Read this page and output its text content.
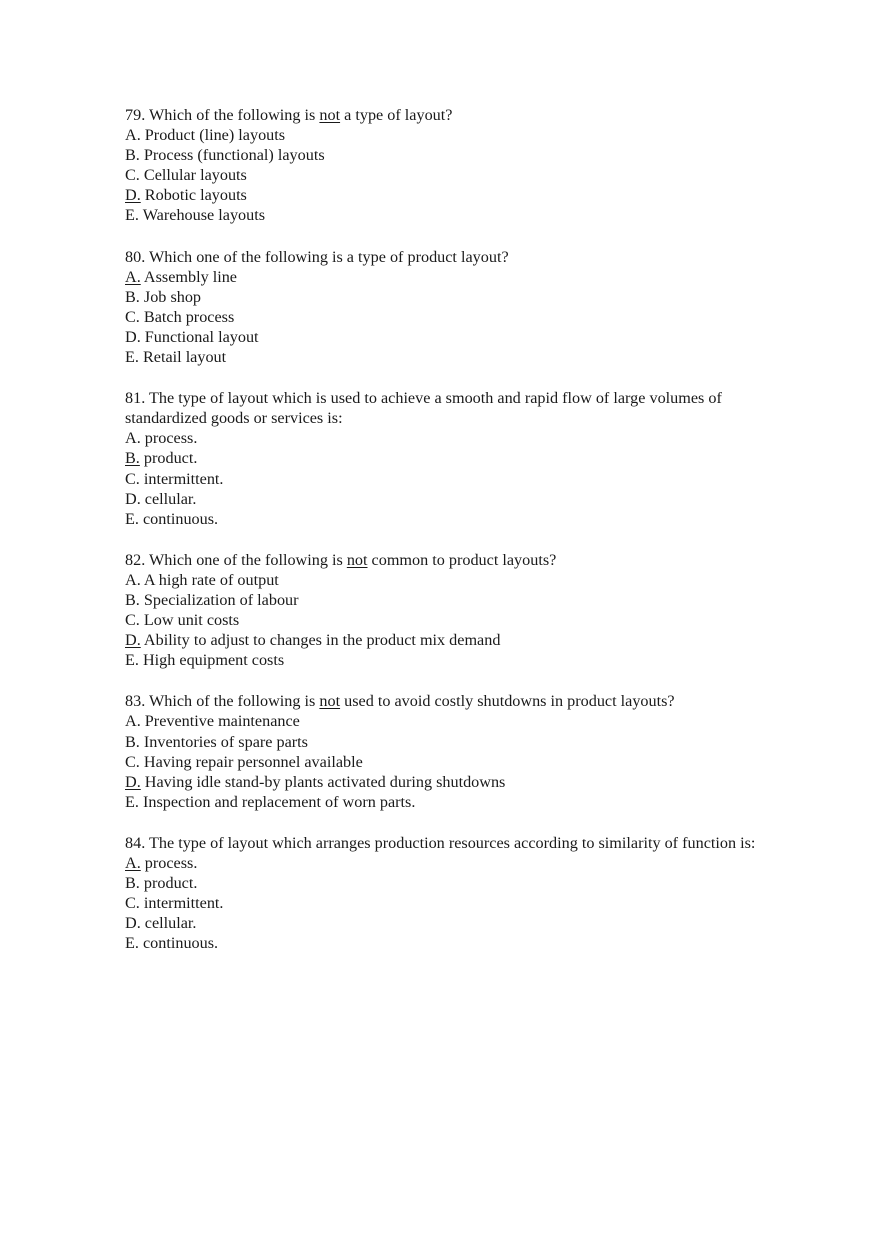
79. Which of the following is not a type of layout?
A. Product (line) layouts
B. Process (functional) layouts
C. Cellular layouts
D. Robotic layouts
E. Warehouse layouts
80. Which one of the following is a type of product layout?
A. Assembly line
B. Job shop
C. Batch process
D. Functional layout
E. Retail layout
81. The type of layout which is used to achieve a smooth and rapid flow of large volumes of standardized goods or services is:
A. process.
B. product.
C. intermittent.
D. cellular.
E. continuous.
82. Which one of the following is not common to product layouts?
A. A high rate of output
B. Specialization of labour
C. Low unit costs
D. Ability to adjust to changes in the product mix demand
E. High equipment costs
83. Which of the following is not used to avoid costly shutdowns in product layouts?
A. Preventive maintenance
B. Inventories of spare parts
C. Having repair personnel available
D. Having idle stand-by plants activated during shutdowns
E. Inspection and replacement of worn parts.
84. The type of layout which arranges production resources according to similarity of function is:
A. process.
B. product.
C. intermittent.
D. cellular.
E. continuous.
